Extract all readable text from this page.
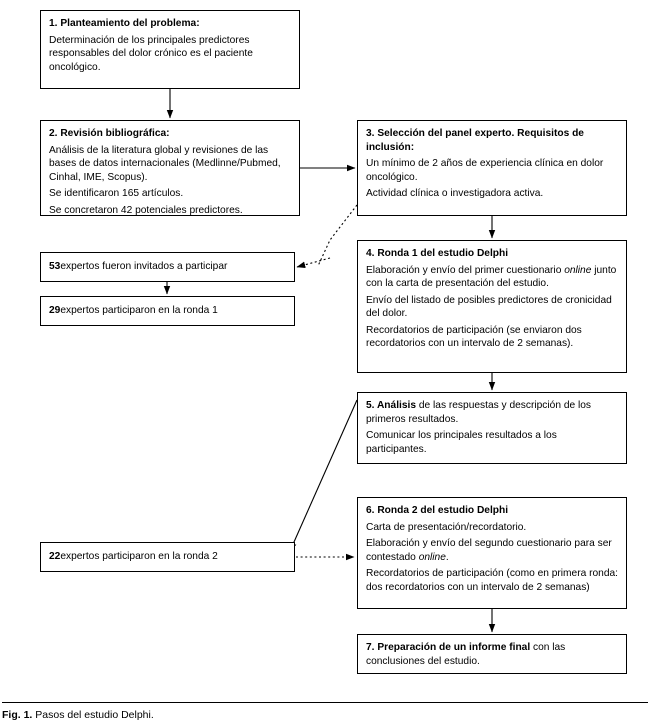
1. Planteamiento del problema:

Determinación de los principales predictores responsables del dolor crónico es el paciente oncológico.

2. Revisión bibliográfica:

Análisis de la literatura global y revisiones de las bases de datos internacionales (Medlinne/Pubmed, Cinhal, IME, Scopus).

Se identificaron 165 artículos.

Se concretaron 42 potenciales predictores.

3. Selección del panel experto. Requisitos de inclusión:

Un mínimo de 2 años de experiencia clínica en dolor oncológico.

Actividad clínica o investigadora activa.

4. Ronda 1 del estudio Delphi

Elaboración y envío del primer cuestionario online junto con la carta de presentación del estudio.

Envío del listado de posibles predictores de cronicidad del dolor.

Recordatorios de participación (se enviaron dos recordatorios con un intervalo de 2 semanas).

5. Análisis de las respuestas y descripción de los primeros resultados.

Comunicar los principales resultados a los participantes.

6. Ronda 2 del estudio Delphi

Carta de presentación/recordatorio.

Elaboración y envío del segundo cuestionario para ser contestado online.

Recordatorios de participación (como en primera ronda: dos recordatorios con un intervalo de 2 semanas)

7. Preparación de un informe final con las conclusiones del estudio.

53 expertos fueron invitados a participar
29 expertos participaron en la ronda 1
22 expertos participaron en la ronda 2
Fig. 1. Pasos del estudio Delphi.
